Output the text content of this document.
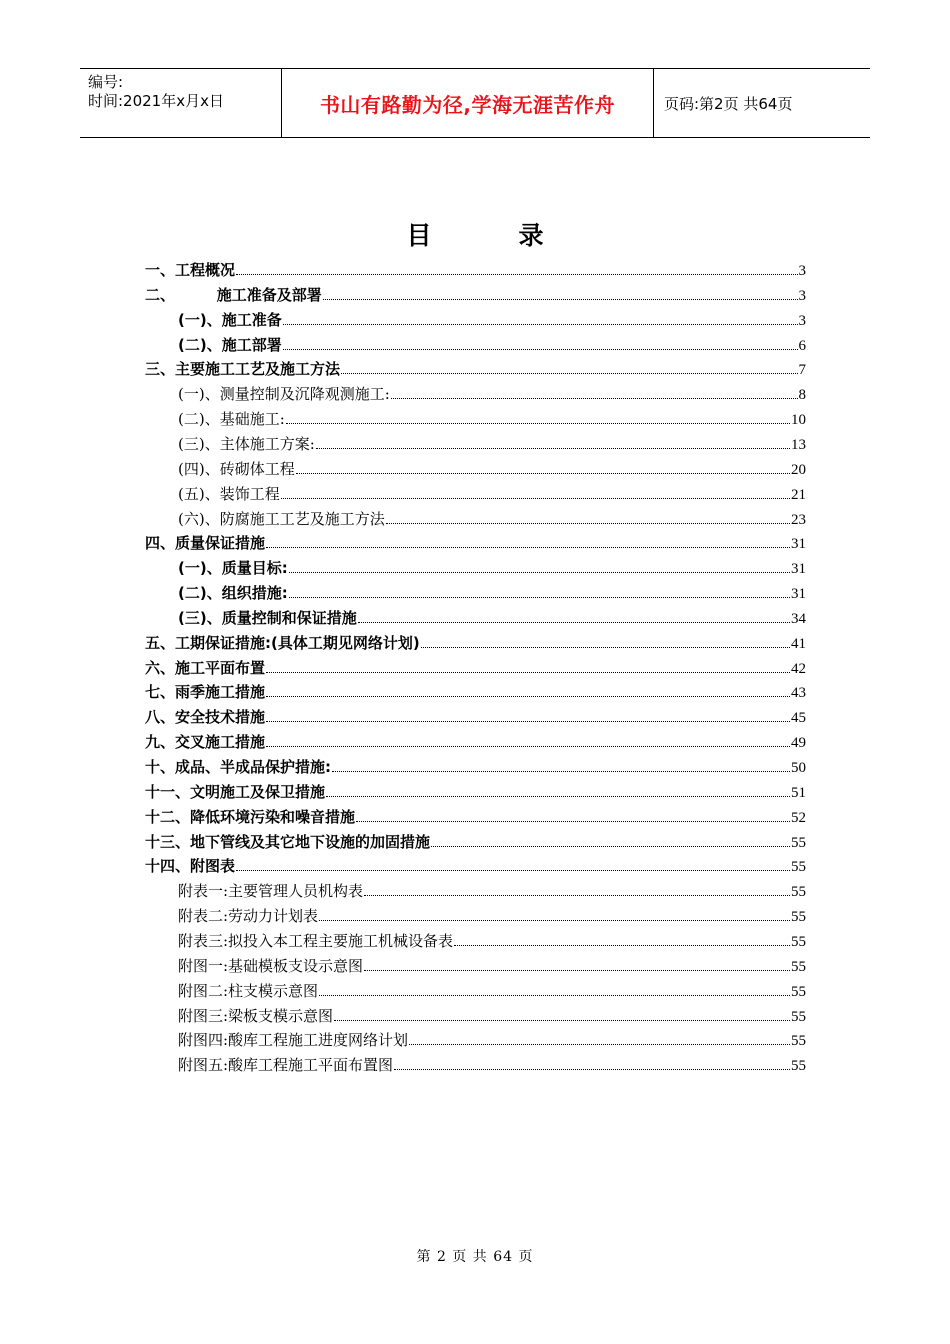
编号:
时间:2021年x月x日	书山有路勤为径,学海无涯苦作舟	页码:第2页 共64页
目          录
一、工程概况	3
二、        施工准备及部署	3
(一)、施工准备	3
(二)、施工部署	6
三、主要施工工艺及施工方法	7
(一)、测量控制及沉降观测施工:	8
(二)、基础施工:	10
(三)、主体施工方案:	13
(四)、砖砌体工程	20
(五)、装饰工程	21
(六)、防腐施工工艺及施工方法	23
四、质量保证措施	31
(一)、质量目标:	31
(二)、组织措施:	31
(三)、质量控制和保证措施	34
五、工期保证措施:(具体工期见网络计划)	41
六、施工平面布置	42
七、雨季施工措施	43
八、安全技术措施	45
九、交叉施工措施	49
十、成品、半成品保护措施:	50
十一、文明施工及保卫措施	51
十二、降低环境污染和噪音措施	52
十三、地下管线及其它地下设施的加固措施	55
十四、附图表	55
附表一:主要管理人员机构表	55
附表二:劳动力计划表	55
附表三:拟投入本工程主要施工机械设备表	55
附图一:基础模板支设示意图	55
附图二:柱支模示意图	55
附图三:梁板支模示意图	55
附图四:酸库工程施工进度网络计划	55
附图五:酸库工程施工平面布置图	55
第 2 页 共 64 页
